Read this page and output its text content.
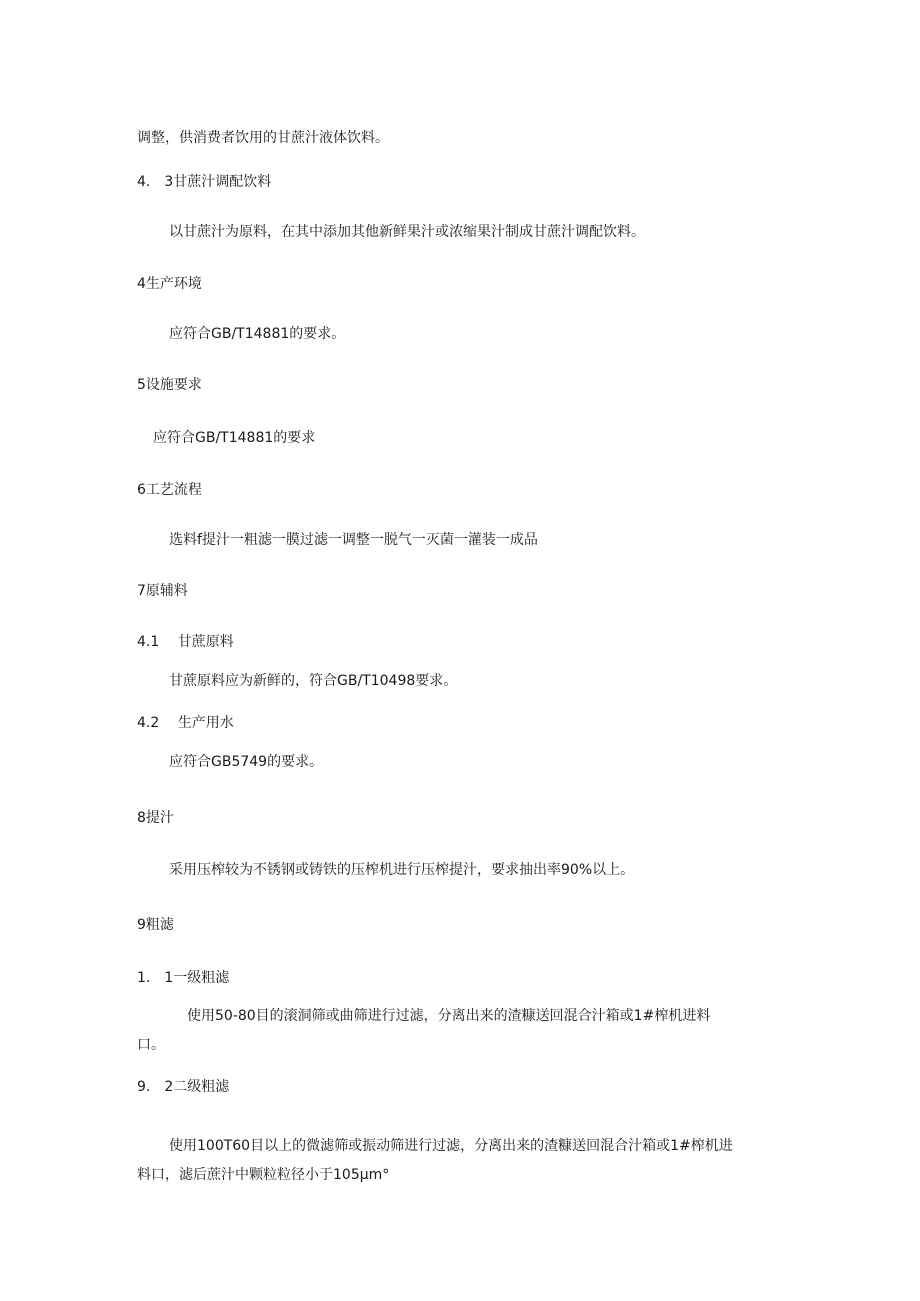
调整，供消费者饮用的甘蔗汁液体饮料。
4.　3甘蔗汁调配饮料
以甘蔗汁为原料，在其中添加其他新鲜果汁或浓缩果汁制成甘蔗汁调配饮料。
4生产环境
应符合GB/T14881的要求。
5设施要求
应符合GB/T14881的要求
6工艺流程
选料f提汁一粗滤一膜过滤一调整一脱气一灭菌一灌装一成品
7原辅料
4.1　 甘蔗原料
甘蔗原料应为新鲜的，符合GB/T10498要求。
4.2　 生产用水
应符合GB5749的要求。
8提汁
采用压榨较为不锈钢或铸铁的压榨机进行压榨提汁，要求抽出率90%以上。
9粗滤
1.　1一级粗滤
使用50-80目的滚洞筛或曲筛进行过滤，分离出来的渣糠送回混合汁箱或1#榨机进料
口。
9.　2二级粗滤
使用100T60目以上的微滤筛或振动筛进行过滤，分离出来的渣糠送回混合汁箱或1#榨机进
料口，滤后蔗汁中颗粒粒径小于105μm°
